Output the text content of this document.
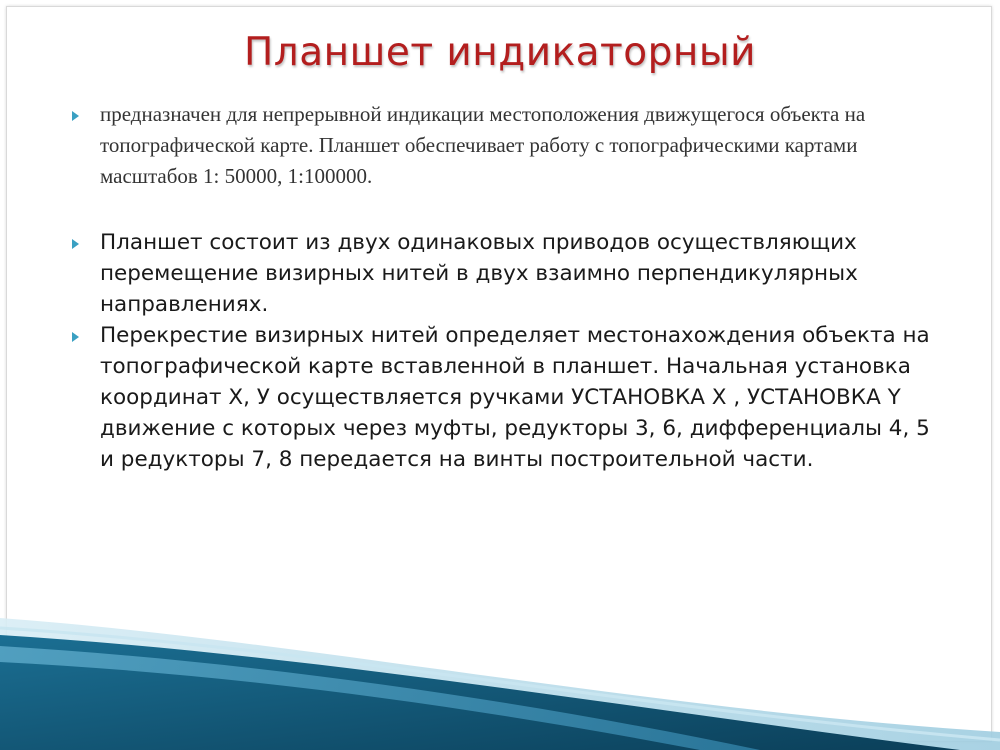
Планшет индикаторный

предназначен для непрерывной индикации местоположения движущегося объекта на топографической карте. Планшет обеспечивает работу с топографическими картами масштабов 1: 50000, 1:100000.

Планшет состоит из двух одинаковых приводов осуществляющих перемещение визирных нитей в двух взаимно перпендикулярных направлениях.

Перекрестие визирных нитей определяет местонахождения объекта на топографической карте вставленной в планшет. Начальная установка координат X, У осуществляется ручками УСТАНОВКА X , УСТАНОВКА Y движение с которых через муфты, редукторы 3, 6, дифференциалы 4, 5 и редукторы 7, 8 передается на винты построительной части.
